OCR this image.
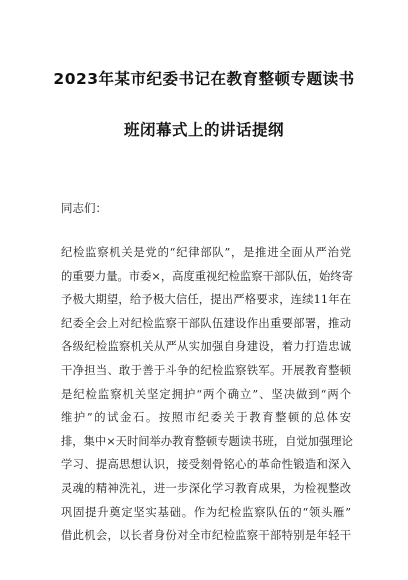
2023年某市纪委书记在教育整顿专题读书
班闭幕式上的讲话提纲
同志们：
纪检监察机关是党的“纪律部队”，是推进全面从严治党
的重要力量。市委×，高度重视纪检监察干部队伍，始终寄
予极大期望，给予极大信任，提出严格要求，连续11年在
纪委全会上对纪检监察干部队伍建设作出重要部署，推动
各级纪检监察机关从严从实加强自身建设，着力打造忠诚
干净担当、敢于善于斗争的纪检监察铁军。开展教育整顿
是纪检监察机关坚定拥护“两个确立”、坚决做到“两个
维护”的试金石。按照市纪委关于教育整顿的总体安
排，集中×天时间举办教育整顿专题读书班，自觉加强理论
学习、提高思想认识，接受刻骨铭心的革命性锻造和深入
灵魂的精神洗礼，进一步深化学习教育成果，为检视整改
巩固提升奠定坚实基础。作为纪检监察队伍的“领头雁”
借此机会，以长者身份对全市纪检监察干部特别是年轻干
